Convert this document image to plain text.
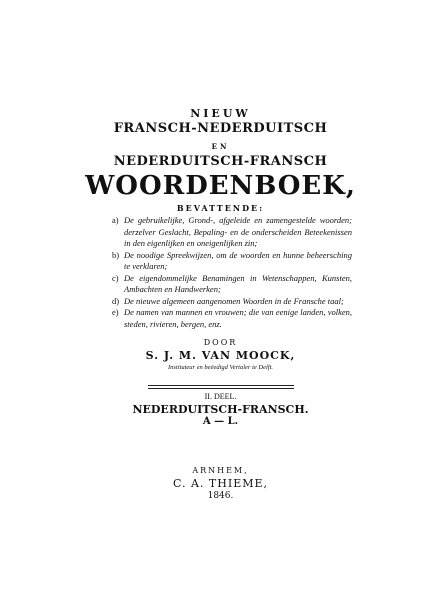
NIEUW
FRANSCH-NEDERDUITSCH
EN
NEDERDUITSCH-FRANSCH
WOORDENBOEK,
BEVATTENDE:
a) De gebruikelijke, Grond-, afgeleide en zamengestelde woorden; derzelver Geslacht, Bepaling- en de onderscheiden Beteekenissen in den eigenlijken en oneigenlijken zin;
b) De noodige Spreekwijzen, om de woorden en hunne beheersching te verklaren;
c) De eigendommelijke Benamingen in Wetenschappen, Kunsten, Ambachten en Handwerken;
d) De nieuwe algemeen aangenomen Woorden in de Fransche taal;
e) De namen van mannen en vrouwen; die van eenige landen, volken, steden, rivieren, bergen, enz.
DOOR
S. J. M. VAN MOOCK,
Instituteur en beëedigd Vertaler te Delft.
II. DEEL.
NEDERDUITSCH-FRANSCH.
A — L.
ARNHEM,
C. A. THIEME,
1846.
